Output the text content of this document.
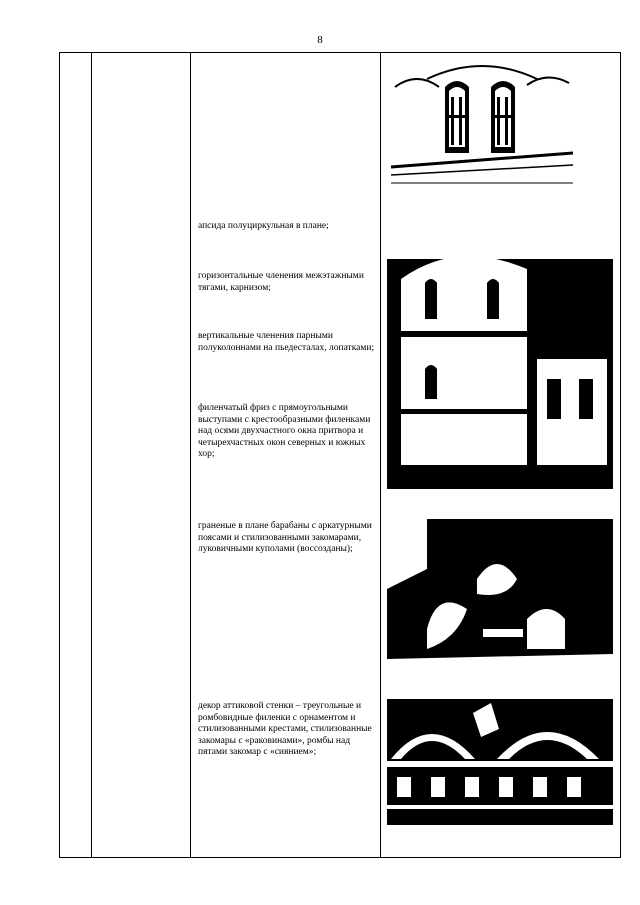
8
апсида полуциркульная в плане;
горизонтальные членения межэтажными тягами, карнизом;
вертикальные членения парными полуколоннами на пьедесталах, лопатками;
филенчатый фриз с прямоугольными выступами с крестообразными филенками над осями двухчастного окна притвора и четырехчастных окон северных и южных хор;
граненые в плане барабаны с аркатурными поясами и стилизованными закомарами, луковичными куполами (воссозданы);
декор аттиковой стенки – треугольные и ромбовидные филенки с орнаментом и стилизованными крестами, стилизованные закомары с «раковинами», ромбы над пятами закомар с «сиянием»;
